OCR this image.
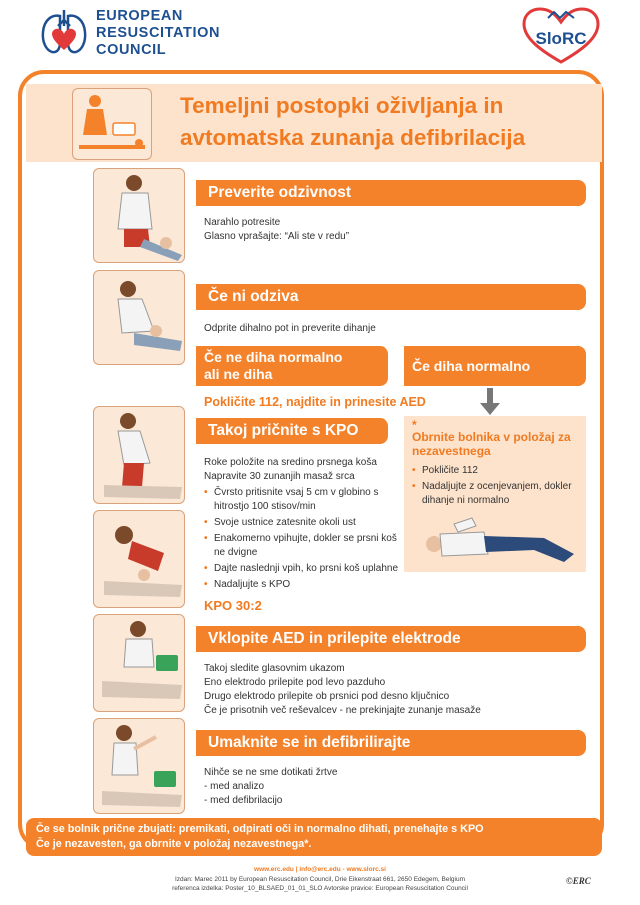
EUROPEAN
RESUSCITATION
COUNCIL
SloRC
Temeljni postopki oživljanja in
avtomatska zunanja defibrilacija
Preverite odzivnost
Narahlo potresite
Glasno vprašajte: “Ali ste v redu”
Če ni odziva
Odprite dihalno pot in preverite dihanje
Če ne diha normalno
ali ne diha
Če diha normalno
Pokličite 112, najdite in prinesite AED
Takoj pričnite s KPO
Roke položite na sredino prsnega koša
Napravite 30 zunanjih masaž srca
• Čvrsto pritisnite vsaj 5 cm v globino s hitrostjo 100 stisov/min
• Svoje ustnice zatesnite okoli ust
• Enakomerno vpihujte, dokler se prsni koš ne dvigne
• Dajte naslednji vpih, ko prsni koš uplahne
• Nadaljujte s KPO
KPO 30:2
*
Obrnite bolnika v položaj za nezavestnega
• Pokličite 112
• Nadaljujte z ocenjevanjem, dokler dihanje ni normalno
Vklopite AED in prilepite elektrode
Takoj sledite glasovnim ukazom
Eno elektrodo prilepite pod levo pazduho
Drugo elektrodo prilepite ob prsnici pod desno ključnico
Če je prisotnih več reševalcev - ne prekinjajte zunanje masaže
Umaknite se in defibrilirajte
Nihče se ne sme dotikati žrtve
- med analizo
- med defibrilacijo
Če se bolnik prične zbujati: premikati, odpirati oči in normalno dihati, prenehajte s KPO
Če je nezavesten, ga obrnite v položaj nezavestnega*.
www.erc.edu | info@erc.edu - www.slorc.si
Izdan: Marec 2011 by European Resuscitation Council, Drie Eikenstraat 661, 2650 Edegem, Belgium
referenca izdelka: Poster_10_BLSAED_01_01_SLO Avtorske pravice: European Resuscitation Council
©ERC
